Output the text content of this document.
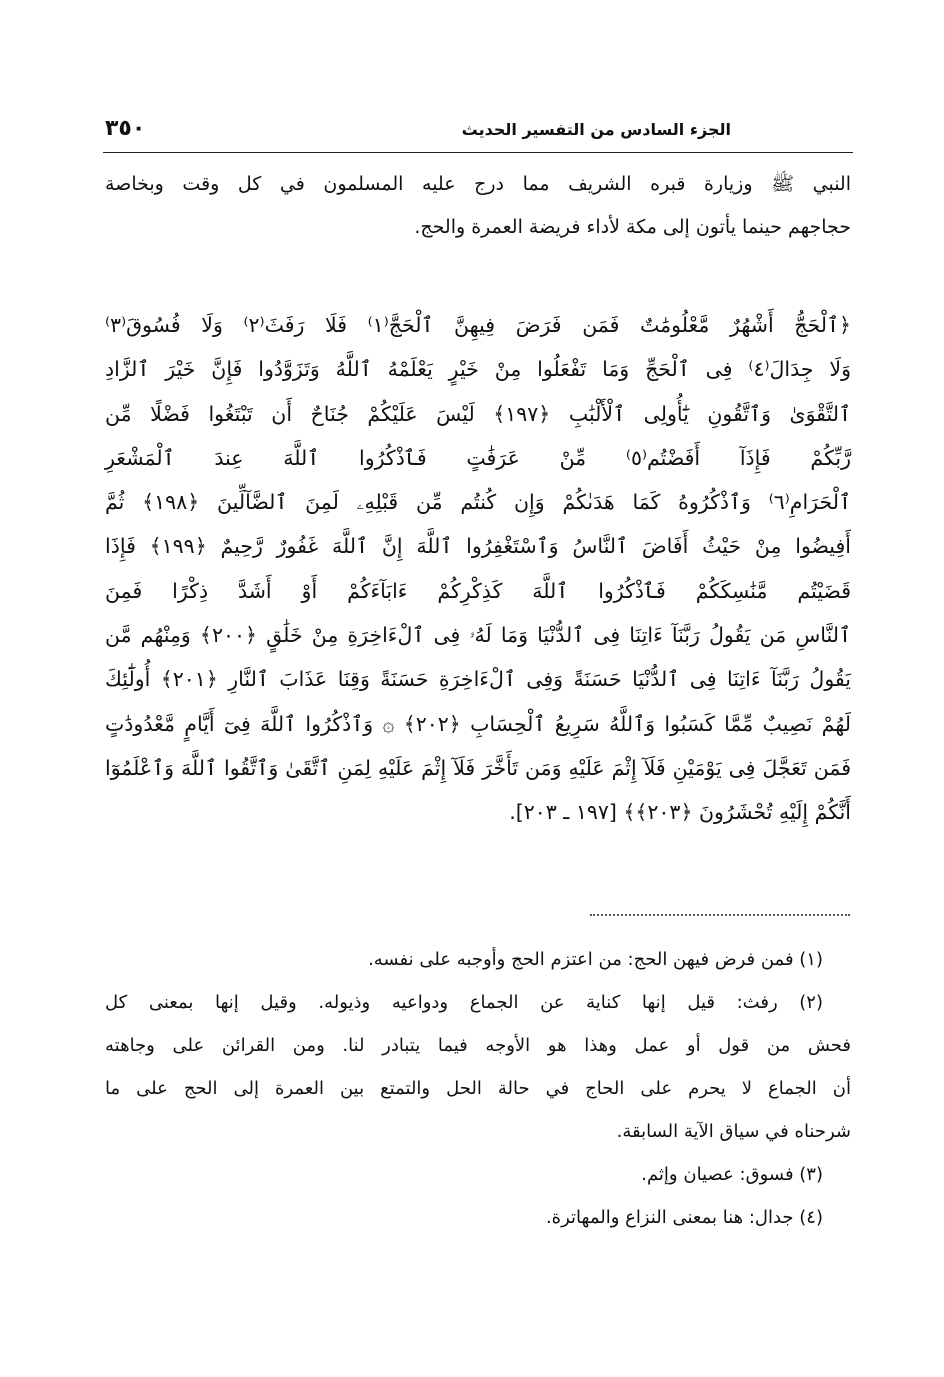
الجزء السادس من التفسير الحديث
٣٥٠
النبي ﷺ وزيارة قبره الشريف مما درج عليه المسلمون في كل وقت وبخاصة
حجاجهم حينما يأتون إلى مكة لأداء فريضة العمرة والحج.
﴿ٱلْحَجُّ أَشْهُرٌ مَّعْلُومَٰتٌ فَمَن فَرَضَ فِيهِنَّ ٱلْحَجَّ⁽١⁾ فَلَا رَفَثَ⁽٢⁾ وَلَا فُسُوقَ⁽٣⁾
وَلَا جِدَالَ⁽٤⁾ فِى ٱلْحَجِّ وَمَا تَفْعَلُوا مِنْ خَيْرٍ يَعْلَمْهُ ٱللَّهُ وَتَزَوَّدُوا فَإِنَّ خَيْرَ ٱلزَّادِ
ٱلتَّقْوَىٰ وَٱتَّقُونِ يَٰٓأُولِى ٱلْأَلْبَٰبِ ﴿١٩٧﴾ لَيْسَ عَلَيْكُمْ جُنَاحٌ أَن تَبْتَغُوا فَضْلًا مِّن
رَّبِّكُمْ فَإِذَآ أَفَضْتُم⁽٥⁾ مِّنْ عَرَفَٰتٍ فَٱذْكُرُوا ٱللَّهَ عِندَ ٱلْمَشْعَرِ
ٱلْحَرَامِ⁽٦⁾ وَٱذْكُرُوهُ كَمَا هَدَىٰكُمْ وَإِن كُنتُم مِّن قَبْلِهِۦ لَمِنَ ٱلضَّآلِّينَ ﴿١٩٨﴾ ثُمَّ
أَفِيضُوا مِنْ حَيْثُ أَفَاضَ ٱلنَّاسُ وَٱسْتَغْفِرُوا ٱللَّهَ إِنَّ ٱللَّهَ غَفُورٌ رَّحِيمٌ ﴿١٩٩﴾ فَإِذَا
قَضَيْتُم مَّنَٰسِكَكُمْ فَٱذْكُرُوا ٱللَّهَ كَذِكْرِكُمْ ءَابَآءَكُمْ أَوْ أَشَدَّ ذِكْرًا فَمِنَ
ٱلنَّاسِ مَن يَقُولُ رَبَّنَآ ءَاتِنَا فِى ٱلدُّنْيَا وَمَا لَهُۥ فِى ٱلْءَاخِرَةِ مِنْ خَلَٰقٍ ﴿٢٠٠﴾ وَمِنْهُم مَّن
يَقُولُ رَبَّنَآ ءَاتِنَا فِى ٱلدُّنْيَا حَسَنَةً وَفِى ٱلْءَاخِرَةِ حَسَنَةً وَقِنَا عَذَابَ ٱلنَّارِ ﴿٢٠١﴾ أُولَٰٓئِكَ
لَهُمْ نَصِيبٌ مِّمَّا كَسَبُوا وَٱللَّهُ سَرِيعُ ٱلْحِسَابِ ﴿٢٠٢﴾ ۞ وَٱذْكُرُوا ٱللَّهَ فِىٓ أَيَّامٍ مَّعْدُودَٰتٍ
فَمَن تَعَجَّلَ فِى يَوْمَيْنِ فَلَآ إِثْمَ عَلَيْهِ وَمَن تَأَخَّرَ فَلَآ إِثْمَ عَلَيْهِ لِمَنِ ٱتَّقَىٰ وَٱتَّقُوا ٱللَّهَ وَٱعْلَمُوٓا
أَنَّكُمْ إِلَيْهِ تُحْشَرُونَ ﴿٢٠٣﴾﴾ [١٩٧ ـ ٢٠٣].
(١) فمن فرض فيهن الحج: من اعتزم الحج وأوجبه على نفسه.
(٢) رفث: قيل إنها كناية عن الجماع ودواعيه وذيوله. وقيل إنها بمعنى كل
فحش من قول أو عمل وهذا هو الأوجه فيما يتبادر لنا. ومن القرائن على وجاهته
أن الجماع لا يحرم على الحاج في حالة الحل والتمتع بين العمرة إلى الحج على ما
شرحناه في سياق الآية السابقة.
(٣) فسوق: عصيان وإثم.
(٤) جدال: هنا بمعنى النزاع والمهاترة.
